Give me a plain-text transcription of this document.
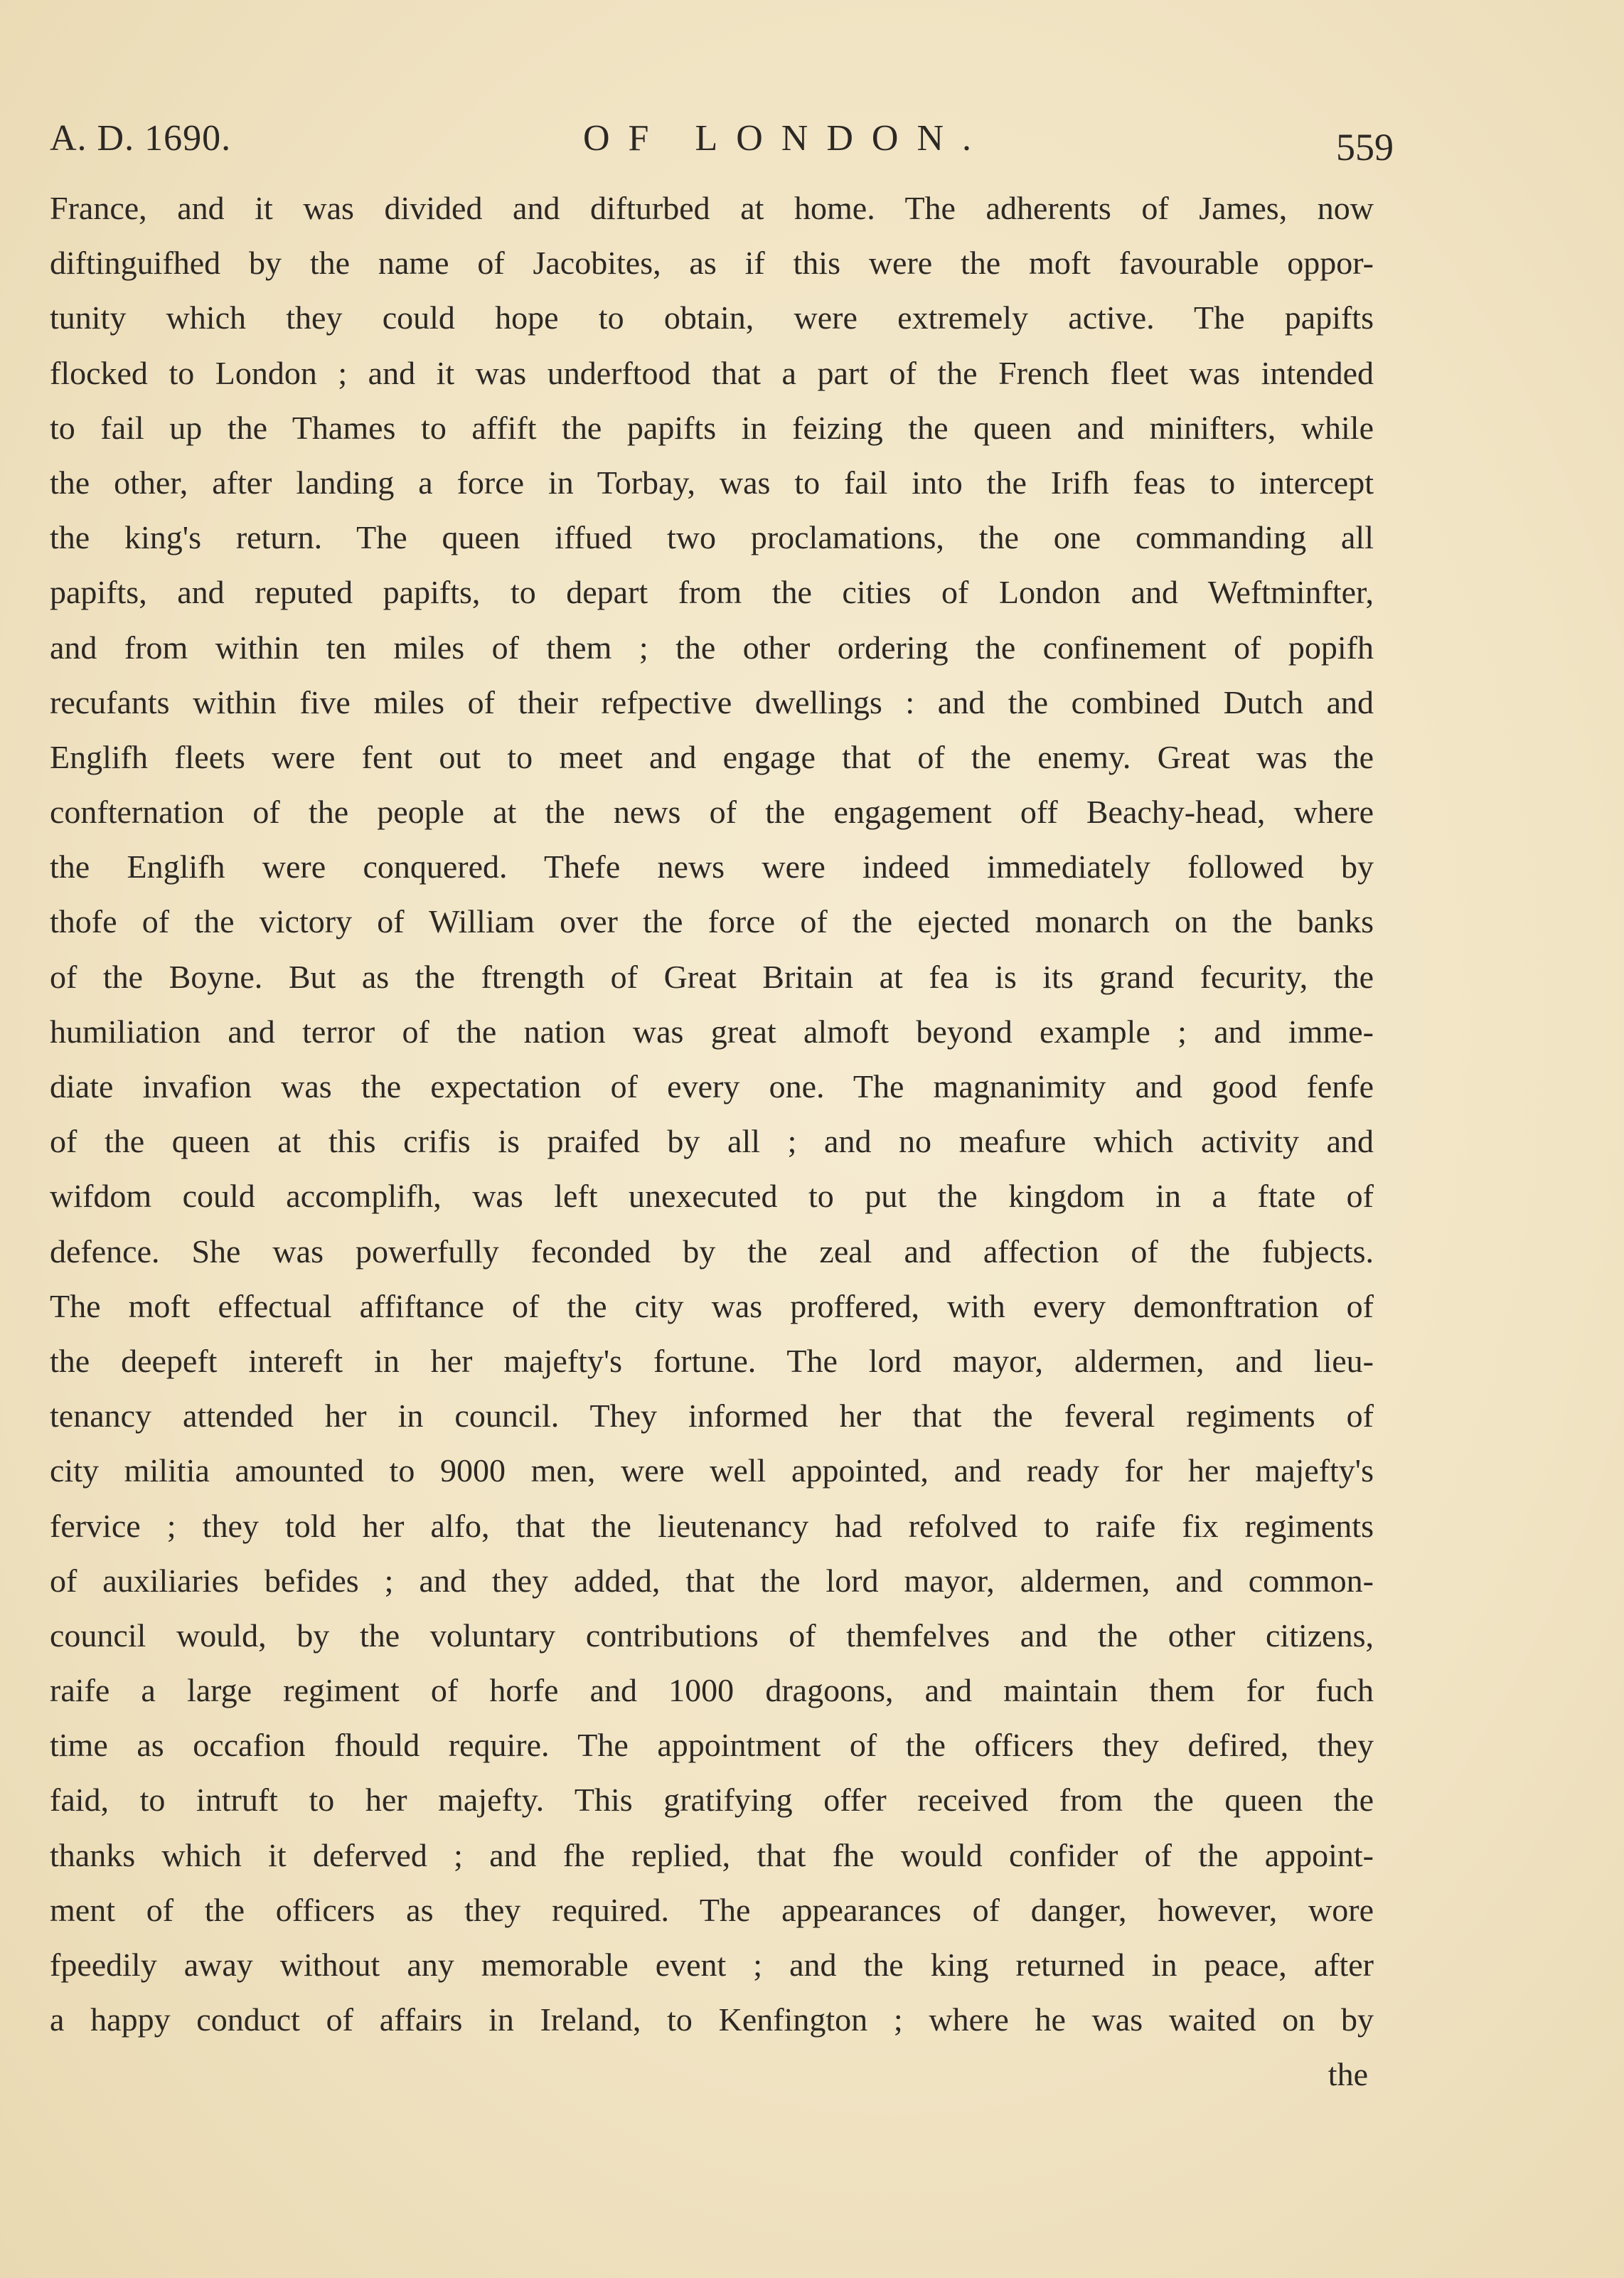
A. D. 1690.	OF LONDON.	559
France, and it was divided and difturbed at home. The adherents of James, now
diftinguifhed by the name of Jacobites, as if this were the moft favourable oppor-
tunity which they could hope to obtain, were extremely active. The papifts
flocked to London ; and it was underftood that a part of the French fleet was intended
to fail up the Thames to affift the papifts in feizing the queen and minifters, while
the other, after landing a force in Torbay, was to fail into the Irifh feas to intercept
the king's return. The queen iffued two proclamations, the one commanding all
papifts, and reputed papifts, to depart from the cities of London and Weftminfter,
and from within ten miles of them ; the other ordering the confinement of popifh
recufants within five miles of their refpective dwellings : and the combined Dutch and
Englifh fleets were fent out to meet and engage that of the enemy. Great was the
confternation of the people at the news of the engagement off Beachy-head, where
the Englifh were conquered. Thefe news were indeed immediately followed by
thofe of the victory of William over the force of the ejected monarch on the banks
of the Boyne. But as the ftrength of Great Britain at fea is its grand fecurity, the
humiliation and terror of the nation was great almoft beyond example ; and imme-
diate invafion was the expectation of every one. The magnanimity and good fenfe
of the queen at this crifis is praifed by all ; and no meafure which activity and
wifdom could accomplifh, was left unexecuted to put the kingdom in a ftate of
defence. She was powerfully feconded by the zeal and affection of the fubjects.
The moft effectual affiftance of the city was proffered, with every demonftration of
the deepeft intereft in her majefty's fortune. The lord mayor, aldermen, and lieu-
tenancy attended her in council. They informed her that the feveral regiments of
city militia amounted to 9000 men, were well appointed, and ready for her majefty's
fervice ; they told her alfo, that the lieutenancy had refolved to raife fix regiments
of auxiliaries befides ; and they added, that the lord mayor, aldermen, and common-
council would, by the voluntary contributions of themfelves and the other citizens,
raife a large regiment of horfe and 1000 dragoons, and maintain them for fuch
time as occafion fhould require. The appointment of the officers they defired, they
faid, to intruft to her majefty. This gratifying offer received from the queen the
thanks which it deferved ; and fhe replied, that fhe would confider of the appoint-
ment of the officers as they required. The appearances of danger, however, wore
fpeedily away without any memorable event ; and the king returned in peace, after
a happy conduct of affairs in Ireland, to Kenfington ; where he was waited on by
the
